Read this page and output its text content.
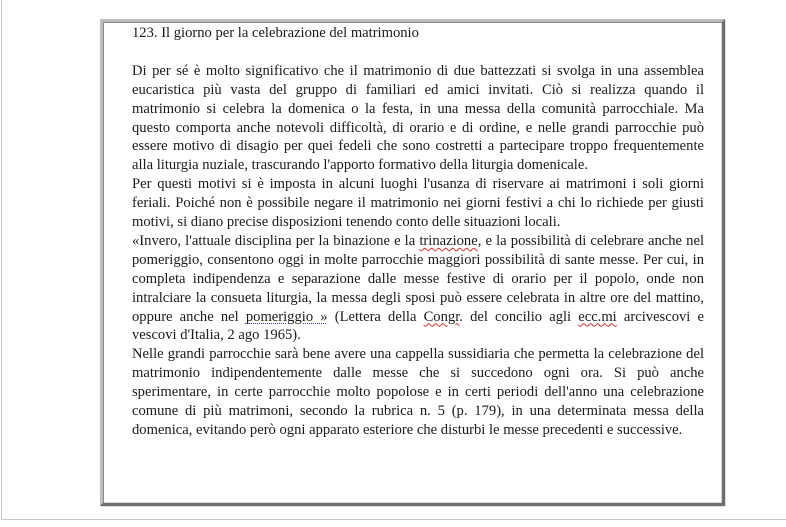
123. Il giorno per la celebrazione del matrimonio

Di per sé è molto significativo che il matrimonio di due battezzati si svolga in una assemblea eucaristica più vasta del gruppo di familiari ed amici invitati. Ciò si realizza quando il matrimonio si celebra la domenica o la festa, in una messa della comunità parrocchiale. Ma questo comporta anche notevoli difficoltà, di orario e di ordine, e nelle grandi parrocchie può essere motivo di disagio per quei fedeli che sono costretti a partecipare troppo frequentemente alla liturgia nuziale, trascurando l'apporto formativo della liturgia domenicale.

Per questi motivi si è imposta in alcuni luoghi l'usanza di riservare ai matrimoni i soli giorni feriali. Poiché non è possibile negare il matrimonio nei giorni festivi a chi lo richiede per giusti motivi, si diano precise disposizioni tenendo conto delle situazioni locali.

«Invero, l'attuale disciplina per la binazione e la trinazione, e la possibilità di celebrare anche nel pomeriggio, consentono oggi in molte parrocchie maggiori possibilità di sante messe. Per cui, in completa indipendenza e separazione dalle messe festive di orario per il popolo, onde non intralciare la consueta liturgia, la messa degli sposi può essere celebrata in altre ore del mattino, oppure anche nel pomeriggio » (Lettera della Congr. del concilio agli ecc.mi arcivescovi e vescovi d'Italia, 2 ago 1965).

Nelle grandi parrocchie sarà bene avere una cappella sussidiaria che permetta la celebrazione del matrimonio indipendentemente dalle messe che si succedono ogni ora. Si può anche sperimentare, in certe parrocchie molto popolose e in certi periodi dell'anno una celebrazione comune di più matrimoni, secondo la rubrica n. 5 (p. 179), in una determinata messa della domenica, evitando però ogni apparato esteriore che disturbi le messe precedenti e successive.
